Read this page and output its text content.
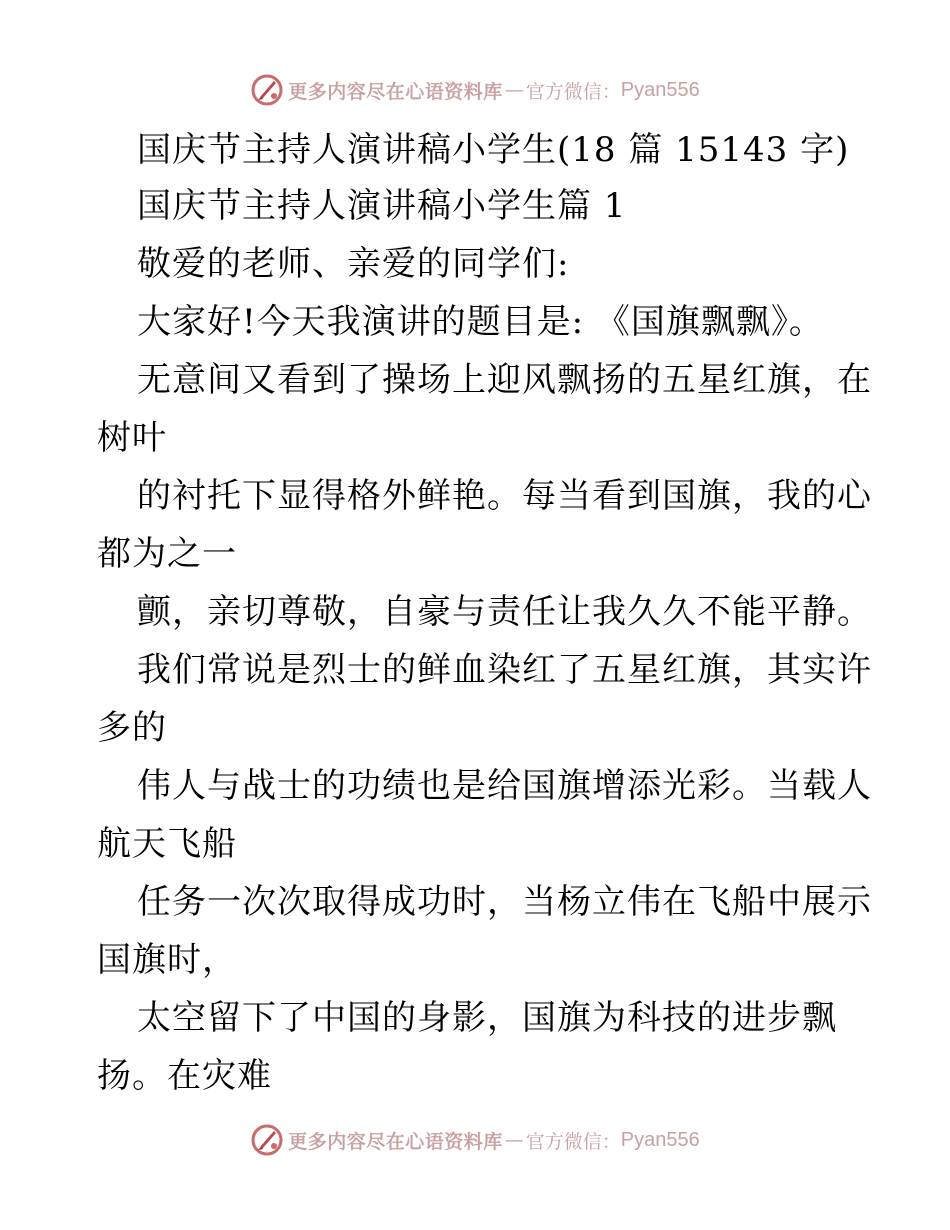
更多内容尽在心语资料库 — 官方微信： Pyan556
国庆节主持人演讲稿小学生(18 篇 15143 字)
国庆节主持人演讲稿小学生篇 1
敬爱的老师、亲爱的同学们:
大家好!今天我演讲的题目是: 《国旗飘飘》。
无意间又看到了操场上迎风飘扬的五星红旗，在
树叶
的衬托下显得格外鲜艳。每当看到国旗，我的心
都为之一
颤，亲切尊敬，自豪与责任让我久久不能平静。
我们常说是烈士的鲜血染红了五星红旗，其实许
多的
伟人与战士的功绩也是给国旗增添光彩。当载人
航天飞船
任务一次次取得成功时，当杨立伟在飞船中展示
国旗时，
太空留下了中国的身影，国旗为科技的进步飘
扬。在灾难
更多内容尽在心语资料库 — 官方微信： Pyan556
